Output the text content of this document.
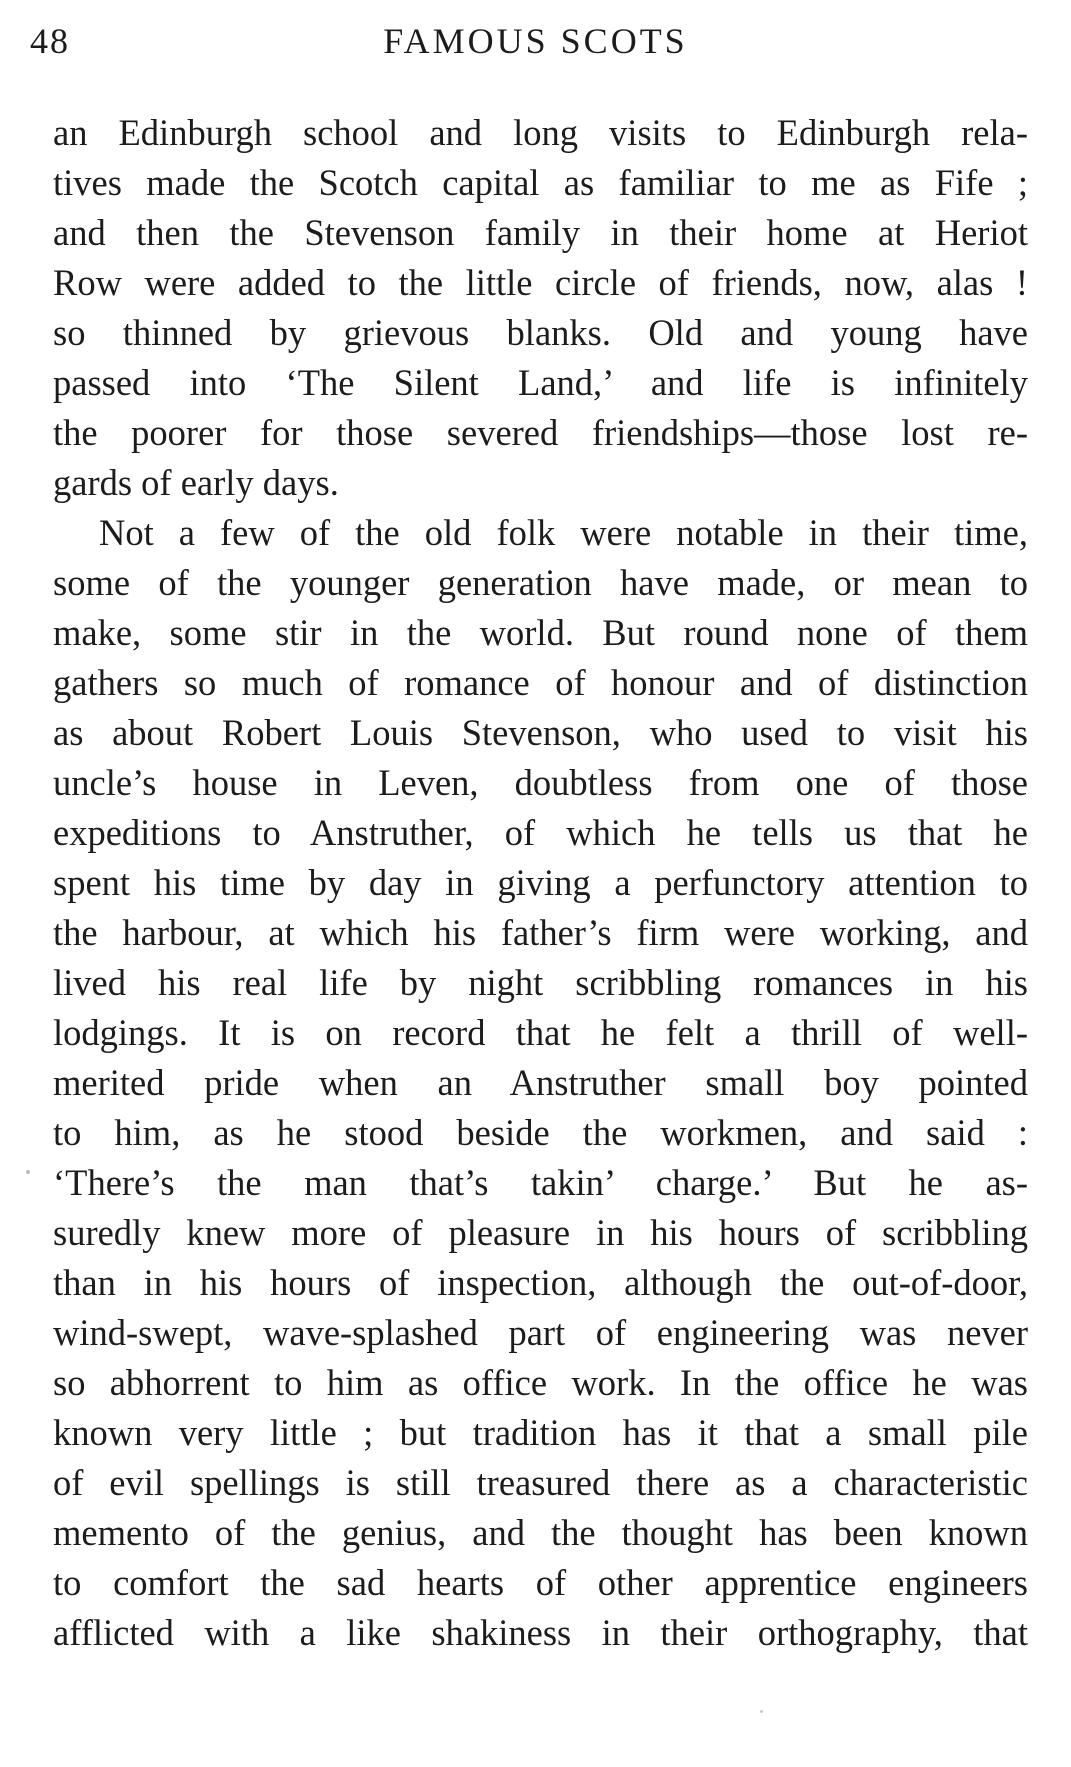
48	FAMOUS SCOTS
an Edinburgh school and long visits to Edinburgh rela-
tives made the Scotch capital as familiar to me as Fife ;
and then the Stevenson family in their home at Heriot
Row were added to the little circle of friends, now, alas !
so thinned by grievous blanks. Old and young have
passed into ‘The Silent Land,’ and life is infinitely
the poorer for those severed friendships—those lost re-
gards of early days.
Not a few of the old folk were notable in their time,
some of the younger generation have made, or mean to
make, some stir in the world. But round none of them
gathers so much of romance of honour and of distinction
as about Robert Louis Stevenson, who used to visit his
uncle’s house in Leven, doubtless from one of those
expeditions to Anstruther, of which he tells us that he
spent his time by day in giving a perfunctory attention to
the harbour, at which his father’s firm were working, and
lived his real life by night scribbling romances in his
lodgings. It is on record that he felt a thrill of well-
merited pride when an Anstruther small boy pointed
to him, as he stood beside the workmen, and said :
‘There’s the man that’s takin’ charge.’ But he as-
suredly knew more of pleasure in his hours of scribbling
than in his hours of inspection, although the out-of-door,
wind-swept, wave-splashed part of engineering was never
so abhorrent to him as office work. In the office he was
known very little ; but tradition has it that a small pile
of evil spellings is still treasured there as a characteristic
memento of the genius, and the thought has been known
to comfort the sad hearts of other apprentice engineers
afflicted with a like shakiness in their orthography, that
